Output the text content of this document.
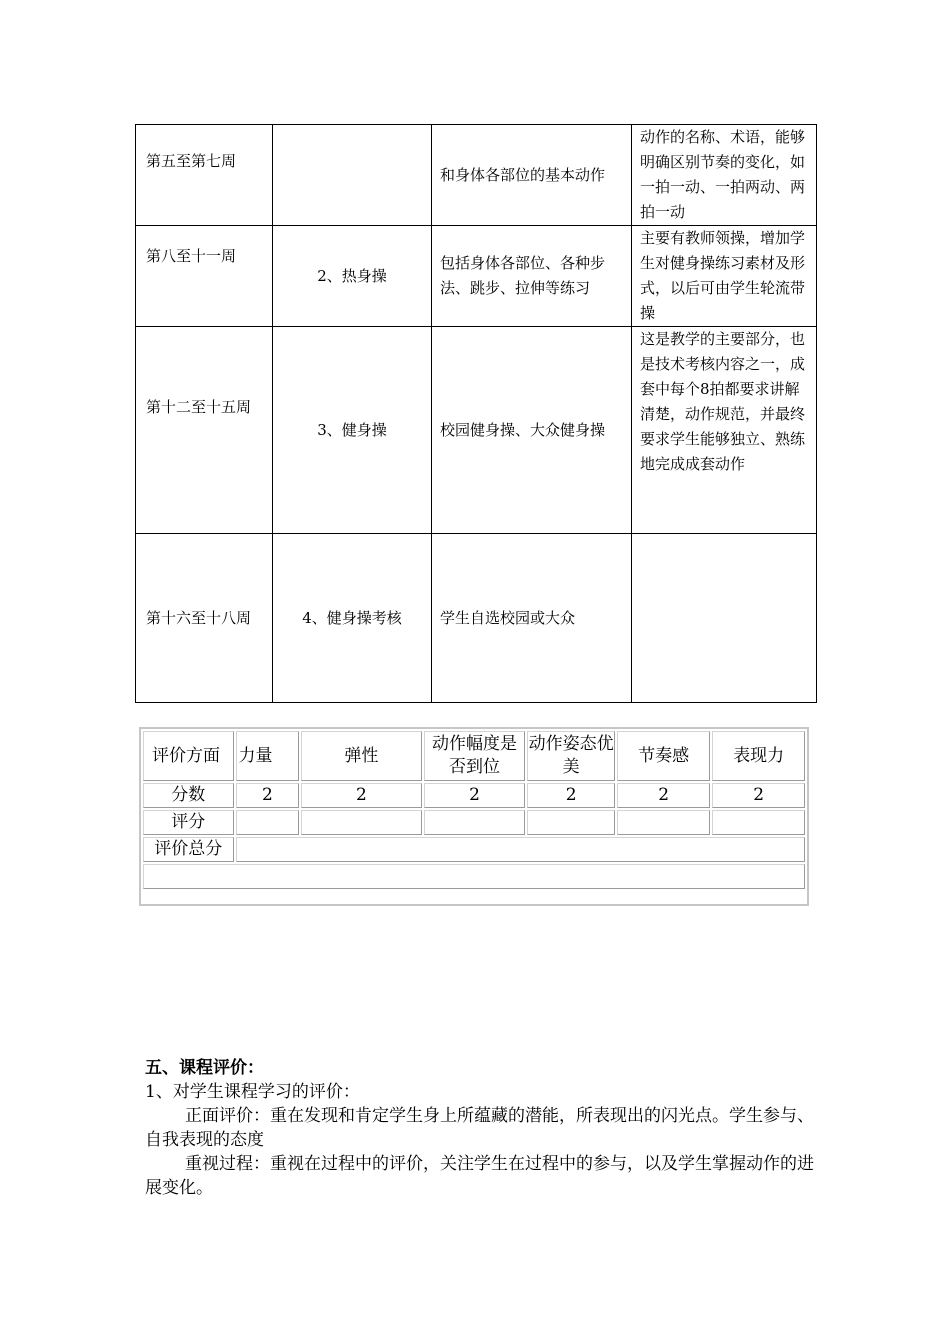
第五至第七周		和身体各部位的基本动作	动作的名称、术语，能够明确区别节奏的变化，如一拍一动、一拍两动、两拍一动
第八至十一周	2、热身操	包括身体各部位、各种步法、跳步、拉伸等练习	主要有教师领操，增加学生对健身操练习素材及形式，以后可由学生轮流带操
第十二至十五周	3、健身操	校园健身操、大众健身操	这是教学的主要部分，也是技术考核内容之一，成套中每个8拍都要求讲解清楚，动作规范，并最终要求学生能够独立、熟练地完成成套动作
第十六至十八周	4、健身操考核	学生自选校园或大众	
评价方面	力量	弹性	动作幅度是否到位	动作姿态优美	节奏感	表现力
分数	2	2	2	2	2	2
评分						
评价总分						

五、课程评价：

1、对学生课程学习的评价：

正面评价：重在发现和肯定学生身上所蕴藏的潜能，所表现出的闪光点。学生参与、自我表现的态度

重视过程：重视在过程中的评价，关注学生在过程中的参与，以及学生掌握动作的进展变化。
